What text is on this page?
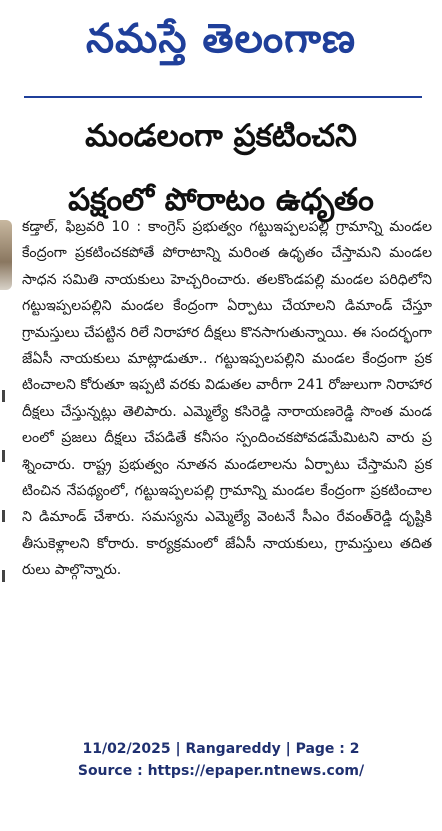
నమస్తే తెలంగాణ
మండలంగా ప్రకటించని
పక్షంలో పోరాటం ఉధృతం
కడ్తాల్, ఫిబ్రవరి 10 : కాంగ్రెస్ ప్రభుత్వం గట్టుఇప్పలపల్లి గ్రామాన్ని మండల కేంద్రంగా ప్రకటించకపోతే పోరాటాన్ని మరింత ఉధృతం చేస్తామని మండల సాధన సమితి నాయకులు హెచ్చరించారు. తలకొండపల్లి మండల పరిధిలోని గట్టుఇప్పలపల్లిని మండల కేంద్రంగా ఏర్పాటు చేయాలని డిమాండ్ చేస్తూ గ్రామస్తులు చేపట్టిన రిలే నిరాహార దీక్షలు కొనసాగుతున్నాయి. ఈ సందర్భంగా జేఏసీ నాయకులు మాట్లాడుతూ.. గట్టుఇప్పలపల్లిని మండల కేంద్రంగా ప్రకటించాలని కోరుతూ ఇప్పటి వరకు విడుతల వారీగా 241 రోజులుగా నిరాహార దీక్షలు చేస్తున్నట్లు తెలిపారు. ఎమ్మెల్యే కసిరెడ్డి నారాయణరెడ్డి సొంత మండలంలో ప్రజలు దీక్షలు చేపడితే కనీసం స్పందించకపోవడమేమిటని వారు ప్రశ్నించారు. రాష్ట్ర ప్రభుత్వం నూతన మండలాలను ఏర్పాటు చేస్తామని ప్రకటించిన నేపథ్యంలో, గట్టుఇప్పలపల్లి గ్రామాన్ని మండల కేంద్రంగా ప్రకటించాలని డిమాండ్ చేశారు. సమస్యను ఎమ్మెల్యే వెంటనే సీఎం రేవంత్‌రెడ్డి దృష్టికి తీసుకెళ్లాలని కోరారు. కార్యక్రమంలో జేఏసీ నాయకులు, గ్రామస్తులు తదితరులు పాల్గొన్నారు.
11/02/2025 | Rangareddy | Page : 2
Source : https://epaper.ntnews.com/
